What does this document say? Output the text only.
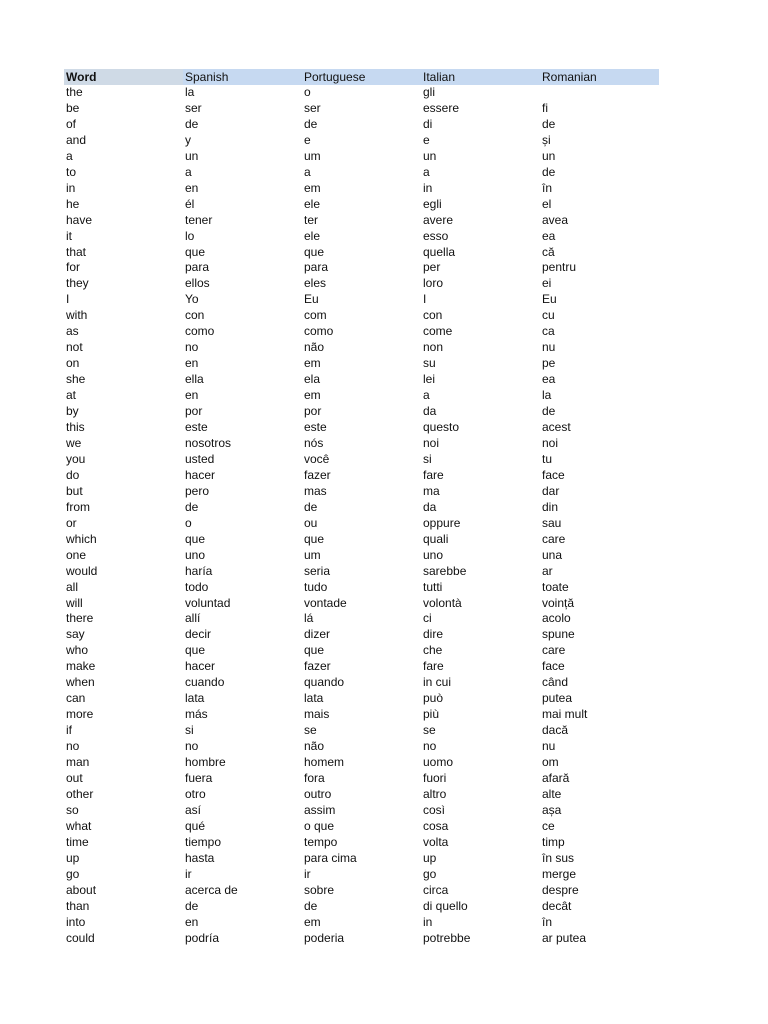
Word	Spanish	Portuguese	Italian	Romanian
the	la	o	gli	
be	ser	ser	essere	fi
of	de	de	di	de
and	y	e	e	și
a	un	um	un	un
to	a	a	a	de
in	en	em	in	în
he	él	ele	egli	el
have	tener	ter	avere	avea
it	lo	ele	esso	ea
that	que	que	quella	că
for	para	para	per	pentru
they	ellos	eles	loro	ei
I	Yo	Eu	I	Eu
with	con	com	con	cu
as	como	como	come	ca
not	no	não	non	nu
on	en	em	su	pe
she	ella	ela	lei	ea
at	en	em	a	la
by	por	por	da	de
this	este	este	questo	acest
we	nosotros	nós	noi	noi
you	usted	você	si	tu
do	hacer	fazer	fare	face
but	pero	mas	ma	dar
from	de	de	da	din
or	o	ou	oppure	sau
which	que	que	quali	care
one	uno	um	uno	una
would	haría	seria	sarebbe	ar
all	todo	tudo	tutti	toate
will	voluntad	vontade	volontà	voință
there	allí	lá	ci	acolo
say	decir	dizer	dire	spune
who	que	que	che	care
make	hacer	fazer	fare	face
when	cuando	quando	in cui	când
can	lata	lata	può	putea
more	más	mais	più	mai mult
if	si	se	se	dacă
no	no	não	no	nu
man	hombre	homem	uomo	om
out	fuera	fora	fuori	afară
other	otro	outro	altro	alte
so	así	assim	così	așa
what	qué	o que	cosa	ce
time	tiempo	tempo	volta	timp
up	hasta	para cima	up	în sus
go	ir	ir	go	merge
about	acerca de	sobre	circa	despre
than	de	de	di quello	decât
into	en	em	in	în
could	podría	poderia	potrebbe	ar putea
